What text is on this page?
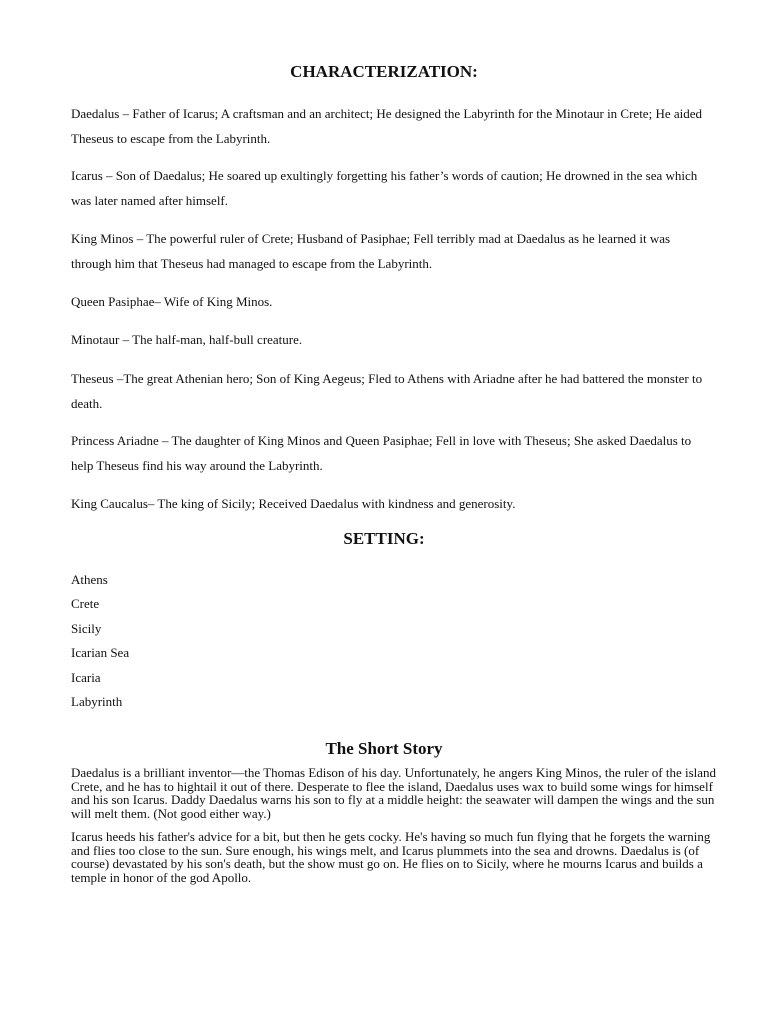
CHARACTERIZATION:

Daedalus – Father of Icarus; A craftsman and an architect; He designed the Labyrinth for the Minotaur in Crete; He aided Theseus to escape from the Labyrinth.

Icarus – Son of Daedalus; He soared up exultingly forgetting his father’s words of caution; He drowned in the sea which was later named after himself.

King Minos – The powerful ruler of Crete; Husband of Pasiphae; Fell terribly mad at Daedalus as he learned it was through him that Theseus had managed to escape from the Labyrinth.

Queen Pasiphae– Wife of King Minos.

Minotaur – The half-man, half-bull creature.

Theseus –The great Athenian hero; Son of King Aegeus; Fled to Athens with Ariadne after he had battered the monster to death.

Princess Ariadne – The daughter of King Minos and Queen Pasiphae; Fell in love with Theseus; She asked Daedalus to help Theseus find his way around the Labyrinth.

King Caucalus– The king of Sicily; Received Daedalus with kindness and generosity.

SETTING:

Athens

Crete

Sicily

Icarian Sea

Icaria

Labyrinth

The Short Story

Daedalus is a brilliant inventor—the Thomas Edison of his day. Unfortunately, he angers King Minos, the ruler of the island Crete, and he has to hightail it out of there. Desperate to flee the island, Daedalus uses wax to build some wings for himself and his son Icarus. Daddy Daedalus warns his son to fly at a middle height: the seawater will dampen the wings and the sun will melt them. (Not good either way.)

Icarus heeds his father's advice for a bit, but then he gets cocky. He's having so much fun flying that he forgets the warning and flies too close to the sun. Sure enough, his wings melt, and Icarus plummets into the sea and drowns. Daedalus is (of course) devastated by his son's death, but the show must go on. He flies on to Sicily, where he mourns Icarus and builds a temple in honor of the god Apollo.
